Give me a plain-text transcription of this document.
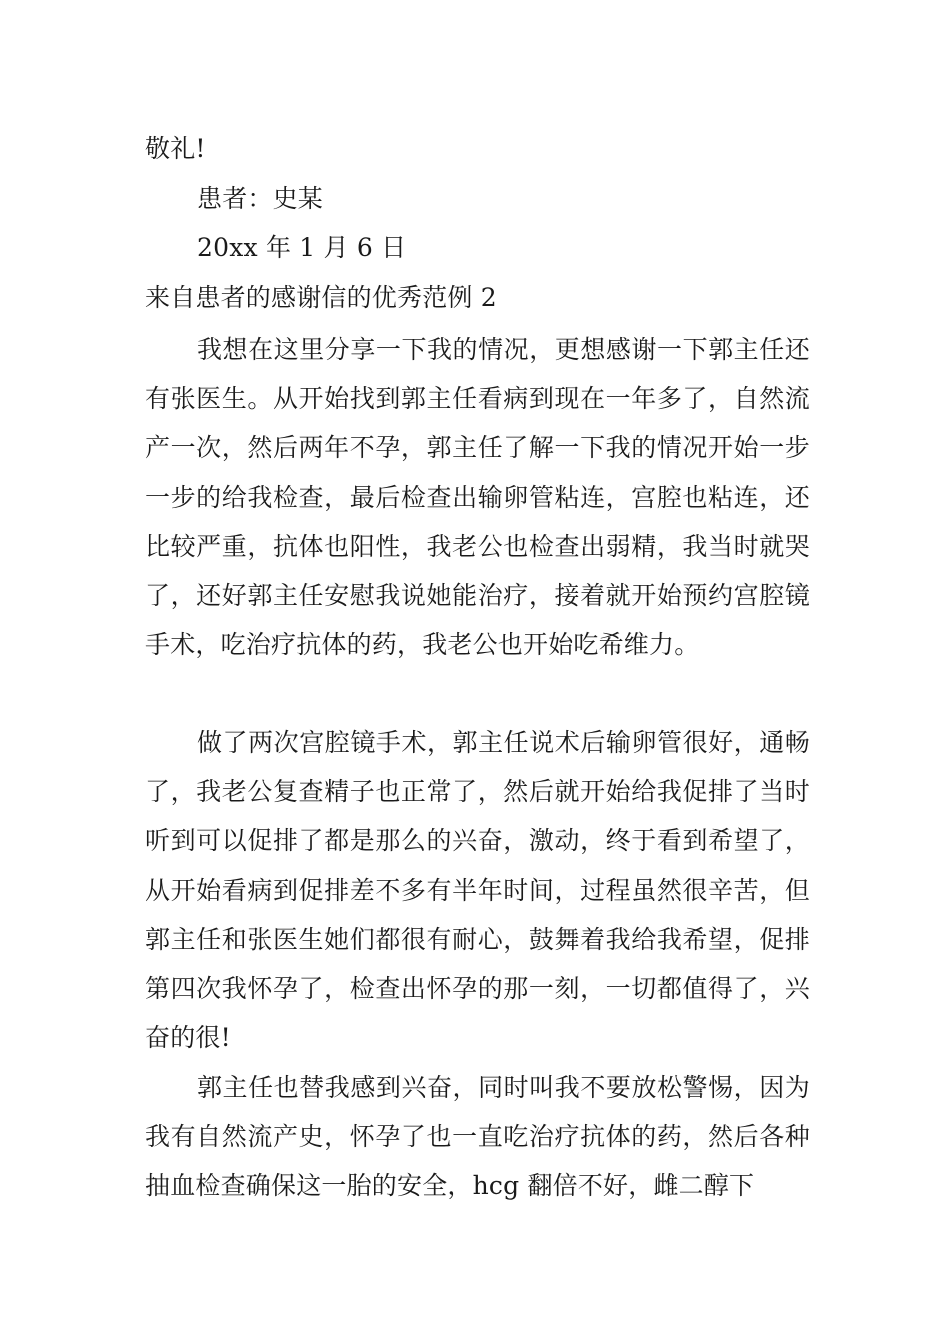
敬礼!
患者：史某
20xx 年 1 月 6 日
来自患者的感谢信的优秀范例 2

我想在这里分享一下我的情况，更想感谢一下郭主任还有张医生。从开始找到郭主任看病到现在一年多了，自然流产一次，然后两年不孕，郭主任了解一下我的情况开始一步一步的给我检查，最后检查出输卵管粘连，宫腔也粘连，还比较严重，抗体也阳性，我老公也检查出弱精，我当时就哭了，还好郭主任安慰我说她能治疗，接着就开始预约宫腔镜手术，吃治疗抗体的药，我老公也开始吃希维力。

做了两次宫腔镜手术，郭主任说术后输卵管很好，通畅了，我老公复查精子也正常了，然后就开始给我促排了当时听到可以促排了都是那么的兴奋，激动，终于看到希望了，从开始看病到促排差不多有半年时间，过程虽然很辛苦，但郭主任和张医生她们都很有耐心，鼓舞着我给我希望，促排第四次我怀孕了，检查出怀孕的那一刻，一切都值得了，兴奋的很!

郭主任也替我感到兴奋，同时叫我不要放松警惕，因为我有自然流产史，怀孕了也一直吃治疗抗体的药，然后各种抽血检查确保这一胎的安全，hcg 翻倍不好，雌二醇下
